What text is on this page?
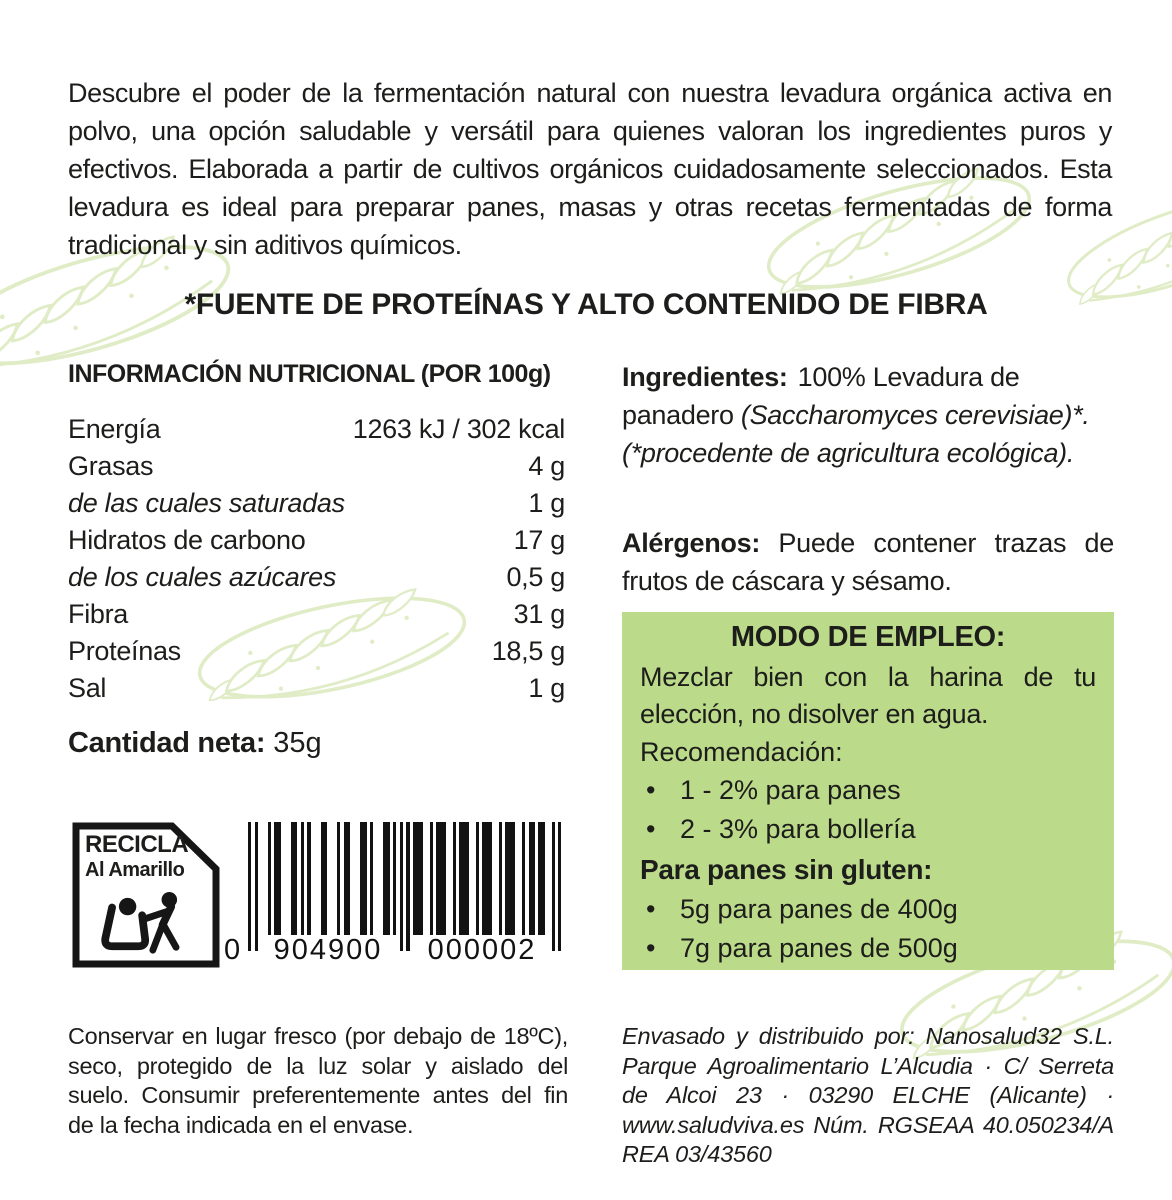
Descubre el poder de la fermentación natural con nuestra levadura orgánica activa en polvo, una opción saludable y versátil para quienes valoran los ingredientes puros y efectivos. Elaborada a partir de cultivos orgánicos cuidadosamente seleccionados. Esta levadura es ideal para preparar panes, masas y otras recetas fermentadas de forma tradicional y sin aditivos químicos.
*FUENTE DE PROTEÍNAS Y ALTO CONTENIDO DE FIBRA
INFORMACIÓN NUTRICIONAL (POR 100g)
Energía	1263 kJ / 302 kcal
Grasas	4 g
de las cuales saturadas	1 g
Hidratos de carbono	17 g
de los cuales azúcares	0,5 g
Fibra	31 g
Proteínas	18,5 g
Sal	1 g
Cantidad neta: 35g
RECICLA
Al Amarillo
0	904900	000002
Conservar en lugar fresco (por debajo de 18ºC), seco, protegido de la luz solar y aislado del suelo. Consumir preferentemente antes del fin de la fecha indicada en el envase.
Ingredientes: 100% Levadura de panadero (Saccharomyces cerevisiae)*. (*procedente de agricultura ecológica).
Alérgenos: Puede contener trazas de frutos de cáscara y sésamo.
MODO DE EMPLEO:
Mezclar bien con la harina de tu elección, no disolver en agua.
Recomendación:
• 1 - 2% para panes
• 2 - 3% para bollería
Para panes sin gluten:
• 5g para panes de 400g
• 7g para panes de 500g
Envasado y distribuido por: Nanosalud32 S.L. Parque Agroalimentario L’Alcudia · C/ Serreta de Alcoi 23 · 03290 ELCHE (Alicante) · www.saludviva.es Núm. RGSEAA 40.050234/A REA 03/43560
